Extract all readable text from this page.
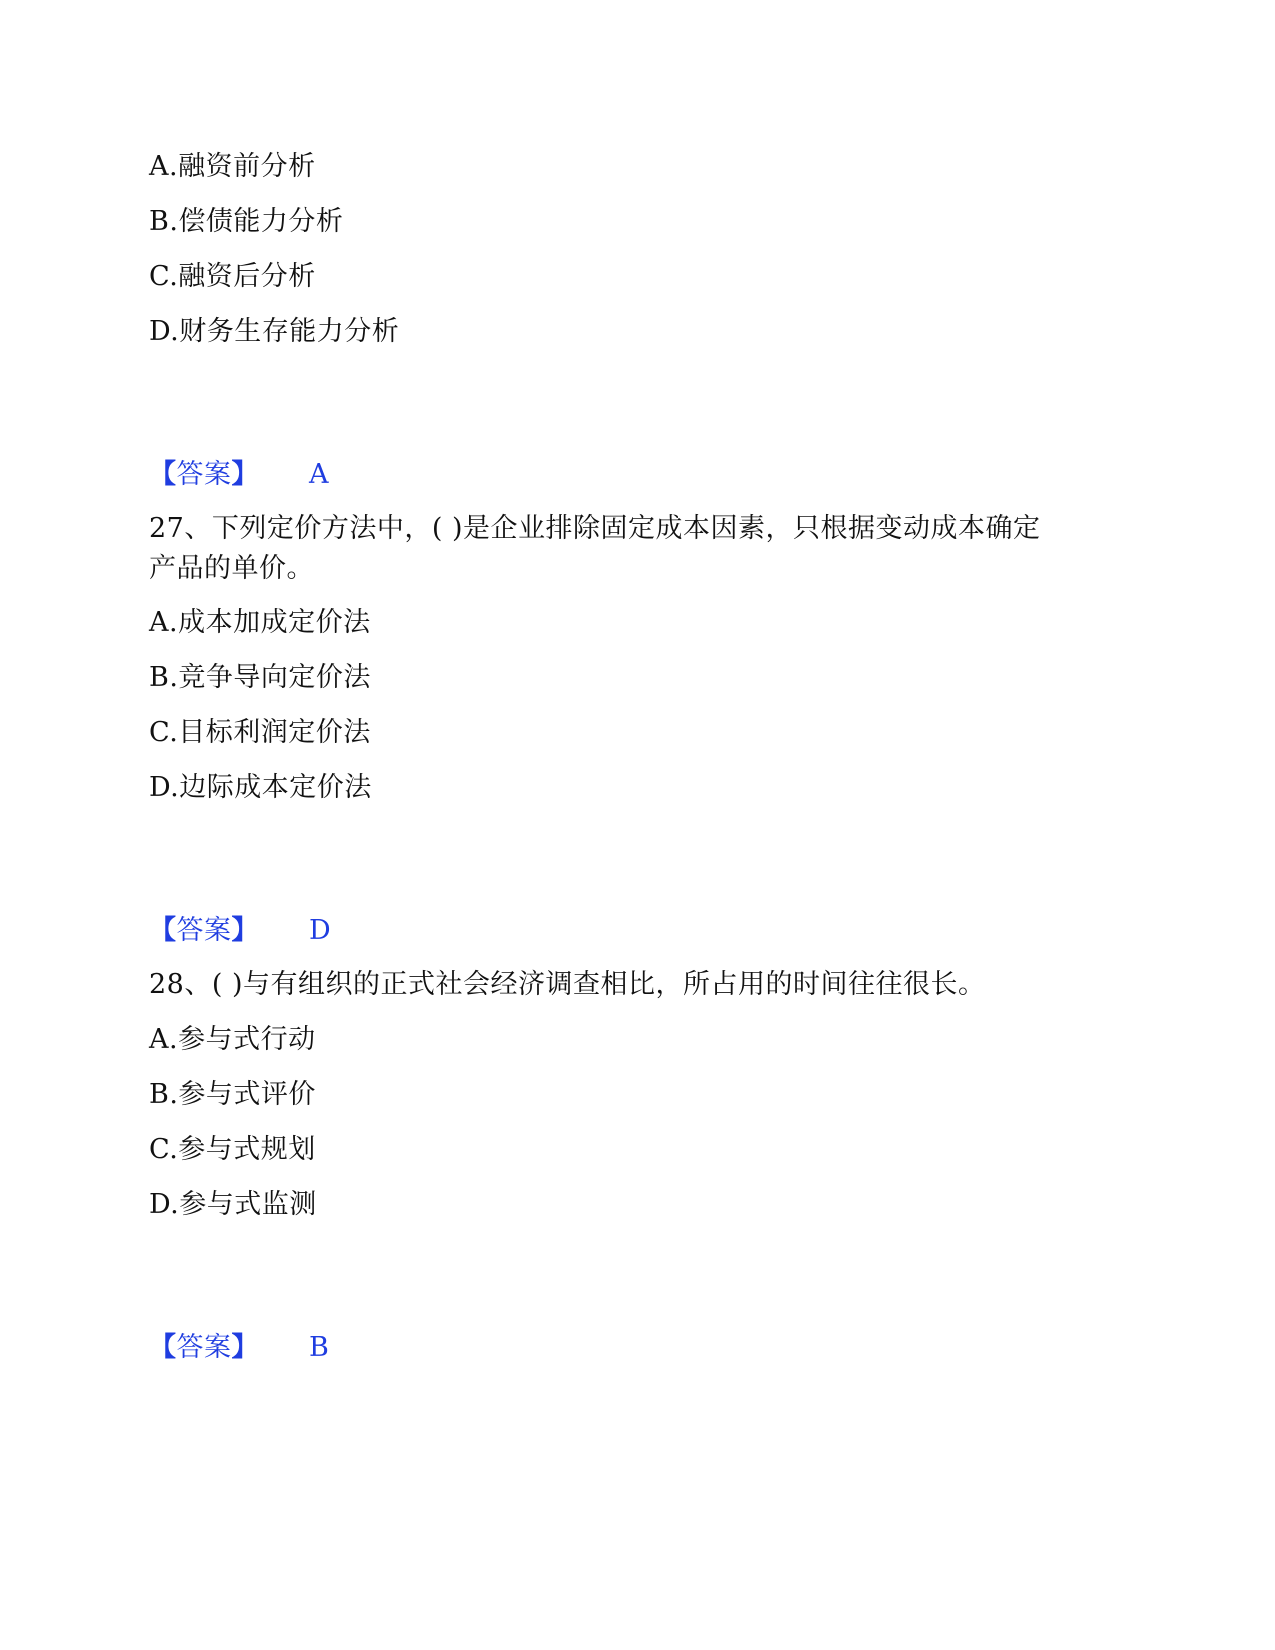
A.融资前分析
B.偿债能力分析
C.融资后分析
D.财务生存能力分析
【答案】 A
27、下列定价方法中，( )是企业排除固定成本因素，只根据变动成本确定
产品的单价。
A.成本加成定价法
B.竞争导向定价法
C.目标利润定价法
D.边际成本定价法
【答案】 D
28、( )与有组织的正式社会经济调查相比，所占用的时间往往很长。
A.参与式行动
B.参与式评价
C.参与式规划
D.参与式监测
【答案】 B
